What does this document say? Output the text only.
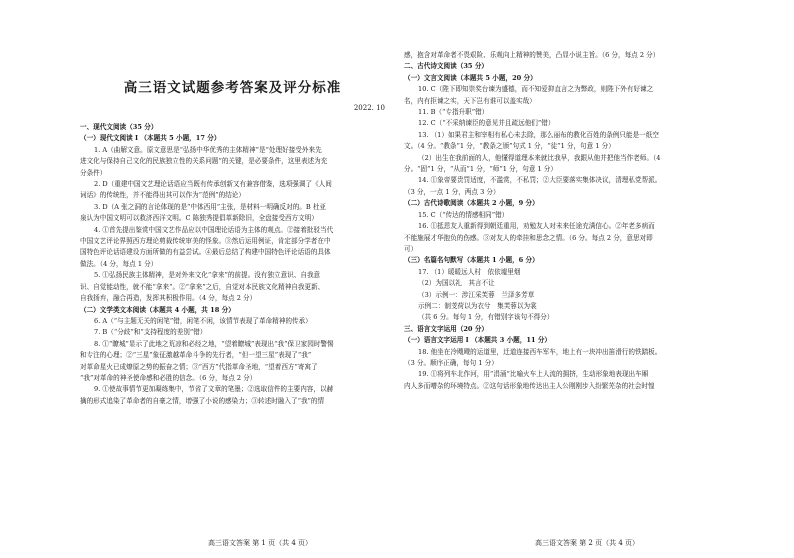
高三语文试题参考答案及评分标准

2022. 10

一、现代文阅读（35 分）

（一）现代文阅读 I （本题共 5 小题，17 分）

1. A（曲解文意。原文意思是“弘扬中华优秀的主体精神”是“处理好接受外来先

进文化与保持自己文化的民族独立性的关系问题”的关键，是必要条件，这里表述为充

分条件）

2. D（重建中国文艺理论话语应当既有传承创新又有兼容借鉴，选项强调了《人间

词话》的传统性，并不能得出其可以作为“范例”的结论）

3. D（A 张之洞的言论体现的是“中体西用”主张，是材料一明确反对的。B 杜亚

泉认为中国文明可以救济西洋文明。C 陈独秀提倡革新除旧，全盘接受西方文明）

4. ①首先提出鉴赏中国文艺作品应以中国理论话语为主体的观点。②接着批驳当代

中国文艺评论界照西方理论剪裁传统审美的怪象。③然后运用例证，肯定部分学者在中

国特色评论话语建设方面所做的有益尝试。④最后总结了构建中国特色评论话语的具体

做法。（4 分，每点 1 分）

5. ①弘扬民族主体精神，是对外来文化“拿来”的前提。没有独立意识、自我意

识、自觉能动性，就不能“拿来”。②“拿来”之后，自觉对本民族文化精神自我更新、

自我扬弃，融合再造，发挥其积极作用。（4 分，每点 2 分）

（二）文学类文本阅读（本题共 4 小题，共 18 分）

6. A（“与主题无关的闲笔”错，闲笔不闲，该情节表现了革命精神的传承）

7. B（“分歧”和“支持程度的差别”错）

8. ①“瞭城”显示了此地之荒凉和必经之地，“望着瞭城”表现出“我”保卫家园时警惕

和专注的心理；②“三星”象征激越革命斗争的先行者，“但一望三星”表现了“我”

对革命星火已成燎原之势的振奋之情；③“西方”代指革命圣地，“望着西方”寄寓了

“我”对革命的神圣使命感和必胜的信念。（6 分，每点 2 分）

9. ①使故事情节更加凝练集中，节省了文章的笔墨；②选取信件的主要内容，以赫

擒的形式追染了革命者的自豪之情，增强了小说的感染力；③转述时融入了“我”的情

高三语文答案 第 1 页（共 4 页）

感，抱含对革命者不畏艰险、乐观向上精神的赞美，凸显小说主旨。（6 分，每点 2 分）

二、古代诗文阅读（35 分）

（一）文言文阅读（本题共 5 小题，20 分）

10. C（陛下即知崇奖台谏为盛德，而不知爱抑直言之为弊政，则陛下外有好谏之

名，内有拒谏之实，天下岂有谁可以盖实哉）

11. B（“专指升职”错）

12. C（“不采纳谏臣的意见并且疏远他们”错）

13. （1）如果君主和宰相有私心未去除，那么丽布的教化百姓的条例只能是一纸空

文。（4 分。“教条”1 分，“教条之颁”句式 1 分，“徒”1 分，句意 1 分）

（2）出生在我前面的人，他懂得道理本来就比我早，我跟从他并把他当作老师。（4

分。“固”1 分，“从而”1 分，“师”1 分，句意 1 分）

14. ①象帝要贵罚适度，不滥赏，不私罚；②大臣要落实集体决议，清理私党帮派。

（3 分，一点 1 分，两点 3 分）

（二）古代诗歌阅读（本题共 2 小题，9 分）

15. C（“传达的情感相同”错）

16. ①抵恩友人重新得到朝廷重用，劝勉友人对未来任途充满信心。②年老多病而

不能施展才华抱负的伤感。③对友人的牵挂和思念之情。（6 分。每点 2 分，意思对即

可）

（三）名篇名句默写（本题共 1 小题，6 分）

17. （1）暖暖远人村　依依墟里烟

（2）为国以礼　其言不让

（3）示例一：涉江采芙蓉　兰泽多芳草

示例二：制芰荷以为衣兮　集芙蓉以为裳

（共 6 分。每句 1 分，有错别字该句不得分）

三、语言文字运用（20 分）

（一）语言文字运用 I （本题共 3 小题，11 分）

18. 他坐在冷飕飕的运道里，迁道连接西车军车，地上有一块冲出笛滑行的铁踏板。

（3 分。顺序正确，每句 1 分）

19. ①将列车北作河，用“涓涌”比喻火车上人流的拥挤，生动形象地表现出车厢

内人多而嘈杂的环境特点。②这句话形象地传达出主人公刚刚步入纷繁芜杂的社会时惶

高三语文答案 第 2 页（共 4 页）
